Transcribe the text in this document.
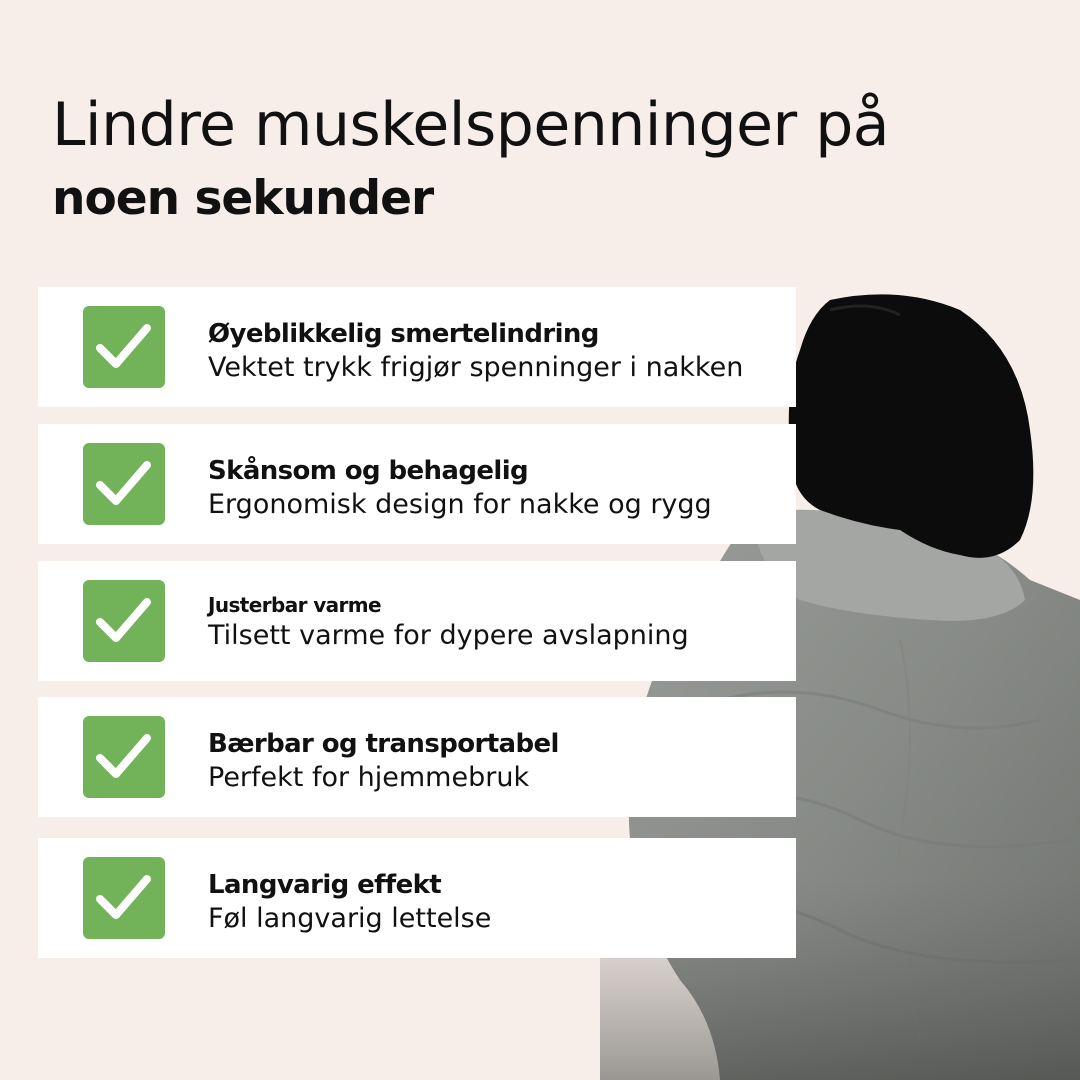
Lindre muskelspenninger på
noen sekunder
Øyeblikkelig smertelindring
Vektet trykk frigjør spenninger i nakken
Skånsom og behagelig
Ergonomisk design for nakke og rygg
Justerbar varme
Tilsett varme for dypere avslapning
Bærbar og transportabel
Perfekt for hjemmebruk
Langvarig effekt
Føl langvarig lettelse
